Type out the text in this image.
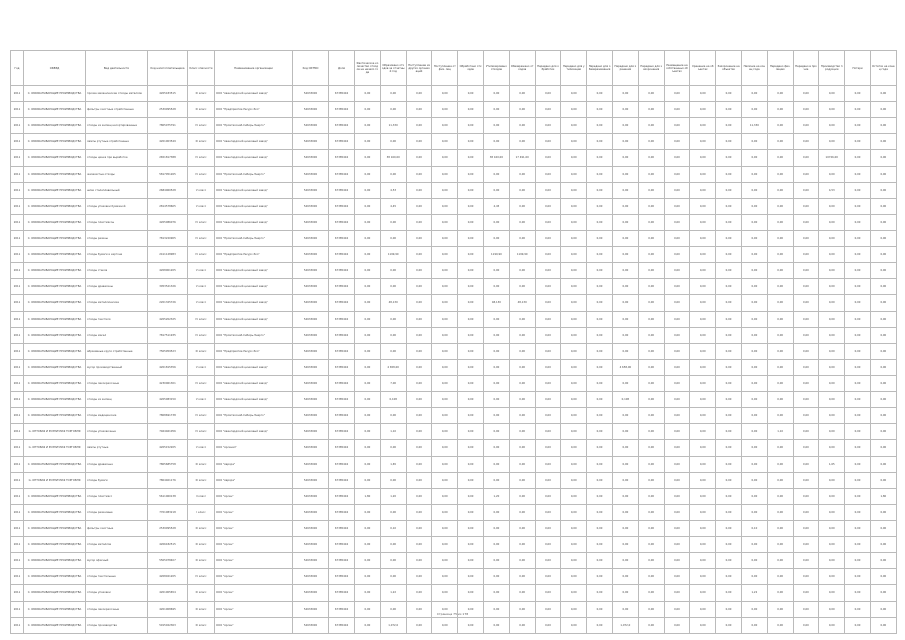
Год	ОКВЭД	Вид деятельности	Код налогоплательщика	Класс опасности	Наименование организации	Код ОКТМО	Доля	Фактическое количество отходов на начало года	Образовано отходов за отчетный год	Поступление из других организаций	Поступление от физ. лиц	Обработано отходов	Утилизировано отходов	Обезврежено отходов	Передано для обработки	Передано для утилизации	Передано для обезвреживания	Передано для хранения	Передано для захоронения	Размещение на собственных объектах	Хранение на объектах	Захоронение на объектах	Наличие на конец года	Передано физ. лицам	Передано в прочие	Производство продукции	Потери	Остаток на конец года
2011	С. ОБРАБАТЫВАЮЩИЕ ПРОИЗВОДСТВА	прочие механические отходы металлов	4205183515	III класс	ООО "Авангардский цинковый завод"	54633000	67385404	0,00	0,00	0,00	0,00	0,00	0,00	0,00	0,00	0,00	0,00	0,00	0,00	0,00	0,00	0,00	0,00	0,00	0,00	0,00	0,00	0,00
2011	С. ОБРАБАТЫВАЮЩИЕ ПРОИЗВОДСТВА	фильтры очистные отработанные	2539095528	III класс	ООО "Предприятие Ресурс-Эко"	54633000	67385404	0,00	0,00	0,00	0,00	0,00	0,00	0,00	0,00	0,00	0,00	0,00	0,00	0,00	0,00	0,00	0,00	0,00	0,00	0,00	0,00	0,00
2011	С. ОБРАБАТЫВАЮЩИЕ ПРОИЗВОДСТВА	отходы из жилищ несортированные	7805075791	IV класс	ООО "Промтехснаб-Сибирь-Энерго"	54633000	67385404	0,00	11,330	0,00	0,00	0,00	0,00	0,00	0,00	0,00	0,00	0,00	0,00	0,00	0,00	0,00	11,330	0,00	0,00	0,00	0,00	0,00
2011	С. ОБРАБАТЫВАЮЩИЕ ПРОИЗВОДСТВА	лампы ртутные отработанные	4201003549	III класс	ООО "Авангардский цинковый завод"	54633000	67385404	0,00	0,00	0,00	0,00	0,00	0,00	0,00	0,00	0,00	0,00	0,00	0,00	0,00	0,00	0,00	0,00	0,00	0,00	0,00	0,00	0,00
2011	С. ОБРАБАТЫВАЮЩИЕ ПРОИЗВОДСТВА	отходы цинка при выработке	2651817388	IV класс	ООО "Авангардский цинковый завод"	54633000	67385404	0,00	38 160,00	0,00	0,00	0,00	38 160,00	17 491,00	0,00	0,00	0,00	0,00	0,00	0,00	0,00	0,00	0,00	0,00	0,00	10726,00	0,00	0,00
2011	С. ОБРАБАТЫВАЮЩИЕ ПРОИЗВОДСТВА	железистые отходы	5817051265	IV класс	ООО "Промтехснаб-Сибирь-Энерго"	54633000	67385404	0,00	0,00	0,00	0,00	0,00	0,00	0,00	0,00	0,00	0,00	0,00	0,00	0,00	0,00	0,00	0,00	0,00	0,00	0,00	0,00	0,00
2011	С. ОБРАБАТЫВАЮЩИЕ ПРОИЗВОДСТВА	шлак сталеплавильный	2684060528	V класс	ООО "Авангардский цинковый завод"	54633000	67385404	0,00	4,53	0,00	0,00	0,00	0,00	0,00	0,00	0,00	0,00	0,00	0,00	0,00	0,00	0,00	0,00	0,00	0,00	4,53	0,00	0,00
2011	С. ОБРАБАТЫВАЮЩИЕ ПРОИЗВОДСТВА	отходы упаковки бумажной	2814578605	V класс	ООО "Авангардский цинковый завод"	54633000	67385404	0,00	4,45	0,00	0,00	0,00	4,45	0,00	0,00	0,00	0,00	0,00	0,00	0,00	0,00	0,00	0,00	0,00	0,00	0,00	0,00	0,00
2011	С. ОБРАБАТЫВАЮЩИЕ ПРОИЗВОДСТВА	отходы пластмассы	4205086076	IV класс	ООО "Авангардский цинковый завод"	54633000	67385404	0,00	0,00	0,00	0,00	0,00	0,00	0,00	0,00	0,00	0,00	0,00	0,00	0,00	0,00	0,00	0,00	0,00	0,00	0,00	0,00	0,00
2011	С. ОБРАБАТЫВАЮЩИЕ ПРОИЗВОДСТВА	отходы резины	7813220905	IV класс	ООО "Промтехснаб-Сибирь-Энерго"	54633000	67385404	0,00	0,00	0,00	0,00	0,00	0,00	0,00	0,00	0,00	0,00	0,00	0,00	0,00	0,00	0,00	0,00	0,00	0,00	0,00	0,00	0,00
2011	С. ОБРАБАТЫВАЮЩИЕ ПРОИЗВОДСТВА	отходы бумаги и картона	2411128983	IV класс	ООО "Предприятие Ресурс-Эко"	54633000	67385404	0,00	1199,90	0,00	0,00	0,00	1199,90	1199,90	0,00	0,00	0,00	0,00	0,00	0,00	0,00	0,00	0,00	0,00	0,00	0,00	0,00	0,00
2011	С. ОБРАБАТЫВАЮЩИЕ ПРОИЗВОДСТВА	отходы стекла	4208001205	V класс	ООО "Авангардский цинковый завод"	54633000	67385404	0,00	0,00	0,00	0,00	0,00	0,00	0,00	0,00	0,00	0,00	0,00	0,00	0,00	0,00	0,00	0,00	0,00	0,00	0,00	0,00	0,00
2011	С. ОБРАБАТЫВАЮЩИЕ ПРОИЗВОДСТВА	отходы древесины	3053521326	V класс	ООО "Авангардский цинковый завод"	54633000	67385404	0,00	0,00	0,00	0,00	0,00	0,00	0,00	0,00	0,00	0,00	0,00	0,00	0,00	0,00	0,00	0,00	0,00	0,00	0,00	0,00	0,00
2011	С. ОБРАБАТЫВАЮЩИЕ ПРОИЗВОДСТВА	отходы металлические	2201325726	V класс	ООО "Авангардский цинковый завод"	54633000	67385404	0,00	48,130	0,00	0,00	0,00	48,130	48,130	0,00	0,00	0,00	0,00	0,00	0,00	0,00	0,00	0,00	0,00	0,00	0,00	0,00	0,00
2011	С. ОБРАБАТЫВАЮЩИЕ ПРОИЗВОДСТВА	отходы текстиля	4205202325	IV класс	ООО "Авангардский цинковый завод"	54633000	67385404	0,00	0,00	0,00	0,00	0,00	0,00	0,00	0,00	0,00	0,00	0,00	0,00	0,00	0,00	0,00	0,00	0,00	0,00	0,00	0,00	0,00
2011	С. ОБРАБАТЫВАЮЩИЕ ПРОИЗВОДСТВА	отходы масел	7817511935	IV класс	ООО "Промтехснаб-Сибирь-Энерго"	54633000	67385404	0,00	0,00	0,00	0,00	0,00	0,00	0,00	0,00	0,00	0,00	0,00	0,00	0,00	0,00	0,00	0,00	0,00	0,00	0,00	0,00	0,00
2011	С. ОБРАБАТЫВАЮЩИЕ ПРОИЗВОДСТВА	абразивные круги отработанные	7505959523	III класс	ООО "Предприятие Ресурс-Эко"	54633000	67385404	0,00	0,00	0,00	0,00	0,00	0,00	0,00	0,00	0,00	0,00	0,00	0,00	0,00	0,00	0,00	0,00	0,00	0,00	0,00	0,00	0,00
2011	С. ОБРАБАТЫВАЮЩИЕ ПРОИЗВОДСТВА	мусор производственный	4201815356	V класс	ООО "Авангардский цинковый завод"	54633000	67385404	0,00	4 658,00	0,00	0,00	0,00	0,00	0,00	0,00	0,00	0,00	4 658,00	0,00	0,00	0,00	0,00	0,00	0,00	0,00	0,00	0,00	0,00
2011	С. ОБРАБАТЫВАЮЩИЕ ПРОИЗВОДСТВА	отходы лакокрасочные	4230061301	IV класс	ООО "Авангардский цинковый завод"	54633000	67385404	0,00	7,00	0,00	0,00	0,00	0,00	0,00	0,00	0,00	0,00	0,00	0,00	0,00	0,00	0,00	0,00	0,00	0,00	0,00	0,00	0,00
2011	С. ОБРАБАТЫВАЮЩИЕ ПРОИЗВОДСТВА	отходы из жилищ	4205083150	V класс	ООО "Авангардский цинковый завод"	54633000	67385404	0,00	0,108	0,00	0,00	0,00	0,00	0,00	0,00	0,00	0,00	0,108	0,00	0,00	0,00	0,00	0,00	0,00	0,00	0,00	0,00	0,00
2011	С. ОБРАБАТЫВАЮЩИЕ ПРОИЗВОДСТВА	отходы медицинские	7808691738	IV класс	ООО "Промтехснаб-Сибирь-Энерго"	54633000	67385404	0,00	0,00	0,00	0,00	0,00	0,00	0,00	0,00	0,00	0,00	0,00	0,00	0,00	0,00	0,00	0,00	0,00	0,00	0,00	0,00	0,00
2011	G. ОПТОВАЯ И РОЗНИЧНАЯ ТОРГОВЛЯ	отходы упаковочные	7464461056	IV класс	ООО "Авангардский цинковый завод"	54633000	67385404	0,00	1,10	0,00	0,00	0,00	0,00	0,00	0,00	0,00	0,00	0,00	0,00	0,00	0,00	0,00	0,00	1,10	0,00	0,00	0,00	0,00
2011	G. ОПТОВАЯ И РОЗНИЧНАЯ ТОРГОВЛЯ	лампы ртутные	4205152205	V класс	ООО "Арсенал"	54633000	67385404	0,00	0,00	0,00	0,00	0,00	0,00	0,00	0,00	0,00	0,00	0,00	0,00	0,00	0,00	0,00	0,00	0,00	0,00	0,00	0,00	0,00
2011	С. ОБРАБАТЫВАЮЩИЕ ПРОИЗВОДСТВА	отходы древесные	7805685758	III класс	ООО "Аврора"	54633000	67385404	0,00	1,65	0,00	0,00	0,00	0,00	0,00	0,00	0,00	0,00	0,00	0,00	0,00	0,00	0,00	0,00	0,00	0,00	1,65	0,00	0,00
2011	G. ОПТОВАЯ И РОЗНИЧНАЯ ТОРГОВЛЯ	отходы бумаги	7804401176	III класс	ООО "Аврора"	54633000	67385404	0,00	0,00	0,00	0,00	0,00	0,00	0,00	0,00	0,00	0,00	0,00	0,00	0,00	0,00	0,00	0,00	0,00	0,00	0,00	0,00	0,00
2011	С. ОБРАБАТЫВАЮЩИЕ ПРОИЗВОДСТВА	отходы пластмасс	5611060138	II класс	ООО "Арсен"	54633000	67385404	1,80	1,20	0,00	0,00	0,00	1,20	0,00	0,00	0,00	0,00	0,00	0,00	0,00	0,00	0,00	0,00	0,00	0,00	0,00	0,00	1,80
2011	С. ОБРАБАТЫВАЮЩИЕ ПРОИЗВОДСТВА	отходы резиновые	7701083218	I класс	ООО "Арсен"	54633000	67385404	0,00	0,00	0,00	0,00	0,00	0,00	0,00	0,00	0,00	0,00	0,00	0,00	0,00	0,00	0,00	0,00	0,00	0,00	0,00	0,00	0,00
2011	С. ОБРАБАТЫВАЮЩИЕ ПРОИЗВОДСТВА	фильтры очистные	2539095528	III класс	ООО "Арсен"	54633000	67385404	0,00	0,10	0,00	0,00	0,00	0,00	0,00	0,00	0,00	0,00	0,00	0,00	0,00	0,00	0,00	0,10	0,00	0,00	0,00	0,00	0,00
2011	С. ОБРАБАТЫВАЮЩИЕ ПРОИЗВОДСТВА	отходы металлов	4206182515	III класс	ООО "Арсен"	54633000	67385404	0,00	0,00	0,00	0,00	0,00	0,00	0,00	0,00	0,00	0,00	0,00	0,00	0,00	0,00	0,00	0,00	0,00	0,00	0,00	0,00	0,00
2011	С. ОБРАБАТЫВАЮЩИЕ ПРОИЗВОДСТВА	мусор офисный	5505078407	III класс	ООО "Арсен"	54633000	67385404	0,00	0,00	0,00	0,00	0,00	0,00	0,00	0,00	0,00	0,00	0,00	0,00	0,00	0,00	0,00	0,00	0,00	0,00	0,00	0,00	0,00
2011	С. ОБРАБАТЫВАЮЩИЕ ПРОИЗВОДСТВА	отходы текстильные	4208021205	IV класс	ООО "Арсен"	54633000	67385404	0,00	0,00	0,00	0,00	0,00	0,00	0,00	0,00	0,00	0,00	0,00	0,00	0,00	0,00	0,00	0,00	0,00	0,00	0,00	0,00	0,00
2011	С. ОБРАБАТЫВАЮЩИЕ ПРОИЗВОДСТВА	отходы упаковки	4201005654	III класс	ООО "Арсен"	54633000	67385404	0,00	1,22	0,00	0,00	0,00	0,00	0,00	0,00	0,00	0,00	0,00	0,00	0,00	0,00	0,00	1,22	0,00	0,00	0,00	0,00	0,00
2011	С. ОБРАБАТЫВАЮЩИЕ ПРОИЗВОДСТВА	отходы лакокрасочные	4201008695	III класс	ООО "Арсен"	54633000	67385404	0,00	0,00	0,00	0,00	0,00	0,00	0,00	0,00	0,00	0,00	0,00	0,00	0,00	0,00	0,00	0,00	0,00	0,00	0,00	0,00	0,00
2011	С. ОБРАБАТЫВАЮЩИЕ ПРОИЗВОДСТВА	отходы производства	5915022363	III класс	ООО "Арсен"	54633000	67385404	0,00	1,072,0	0,00	0,00	0,00	0,00	0,00	0,00	0,00	0,00	1,072,0	0,00	0,00	0,00	0,00	0,00	0,00	0,00	0,00	0,00	0,00
Страница 75 из 178
